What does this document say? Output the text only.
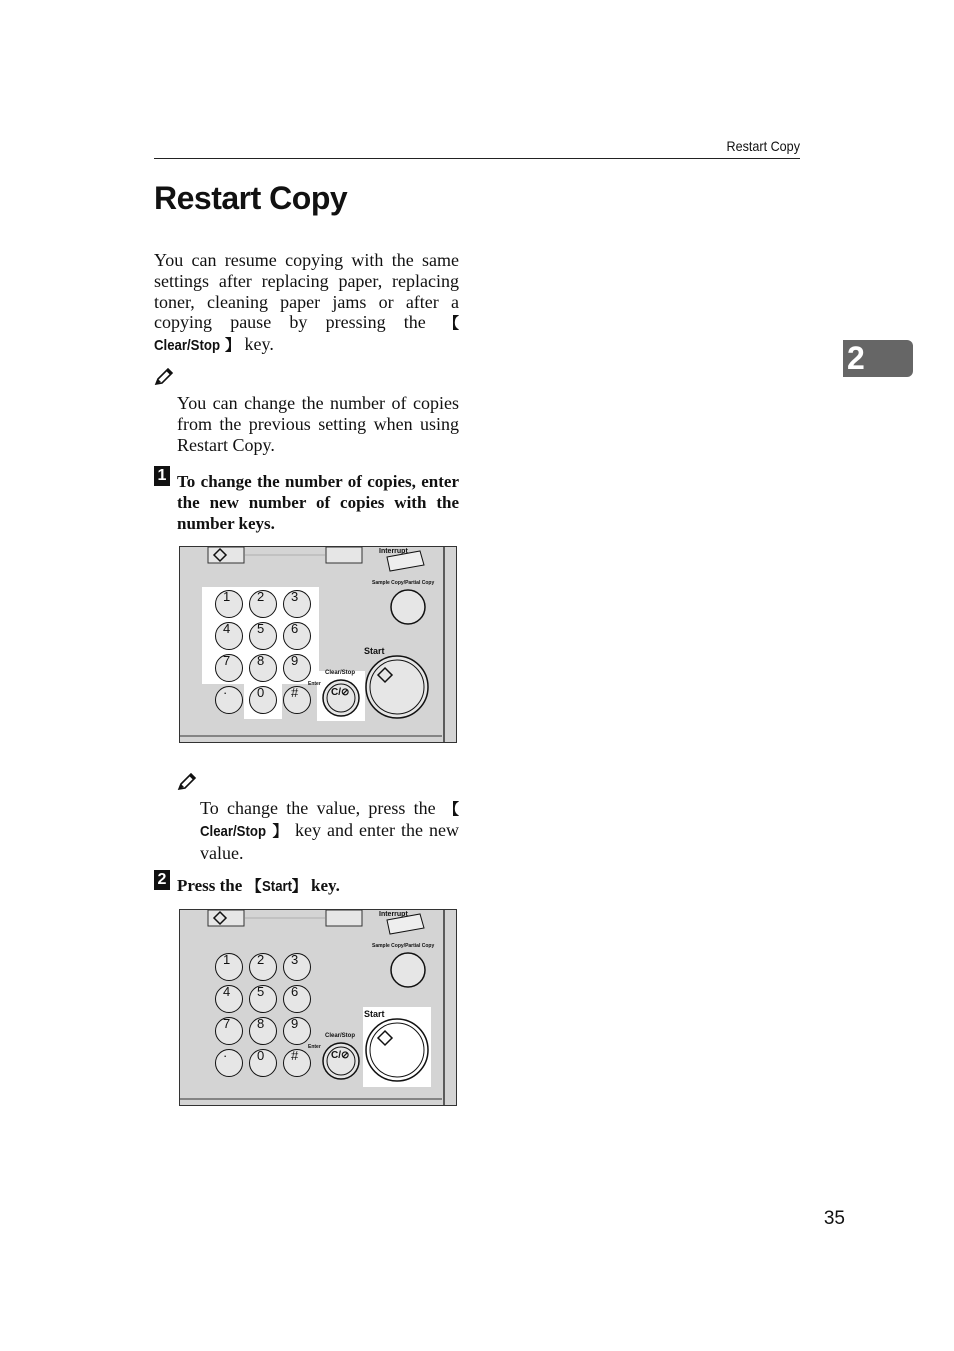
Restart Copy
Restart Copy
You can resume copying with the same settings after replacing paper, replacing toner, cleaning paper jams or after a copying pause by pressing the 【Clear/Stop 】 key.
You can change the number of copies from the previous setting when using Restart Copy.
1 To change the number of copies, enter the new number of copies with the number keys.
Interrupt
Sample Copy/Partial Copy
Start
Clear/Stop
Enter
C/⊘
1 2 3
4 5 6
7 8 9
· 0 #
To change the value, press the 【Clear/Stop 】 key and enter the new value.
2 Press the 【Start】 key.
Interrupt
Sample Copy/Partial Copy
Start
Clear/Stop
Enter
C/⊘
1 2 3
4 5 6
7 8 9
· 0 #
2
35
